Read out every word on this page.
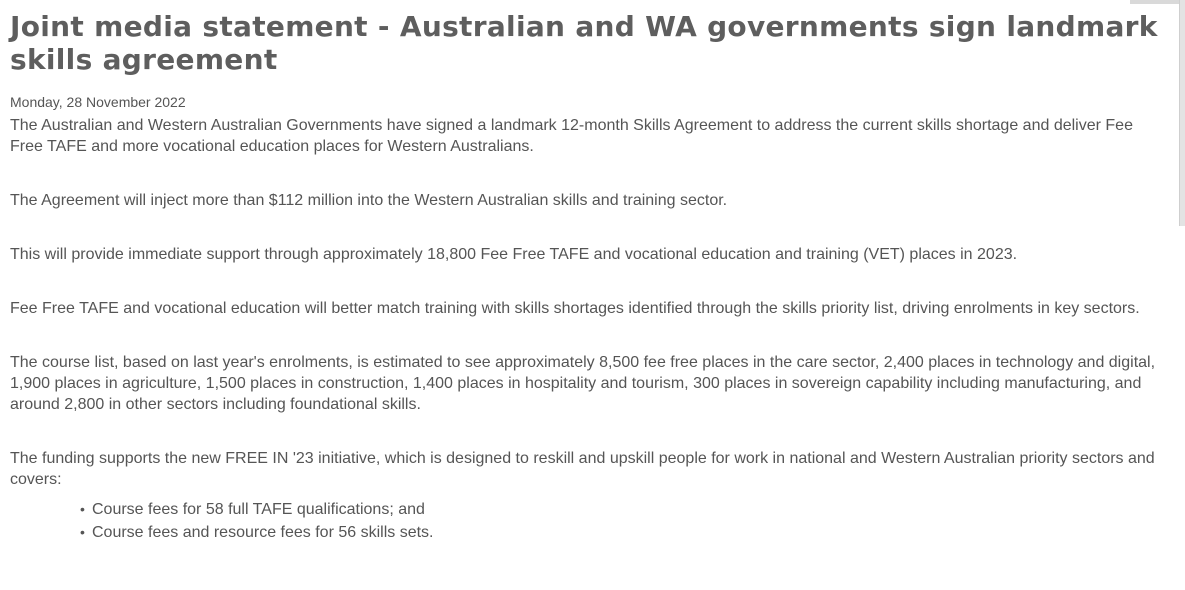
Joint media statement - Australian and WA governments sign landmark skills agreement
Monday, 28 November 2022

The Australian and Western Australian Governments have signed a landmark 12-month Skills Agreement to address the current skills shortage and deliver Fee Free TAFE and more vocational education places for Western Australians.

The Agreement will inject more than $112 million into the Western Australian skills and training sector.

This will provide immediate support through approximately 18,800 Fee Free TAFE and vocational education and training (VET) places in 2023.

Fee Free TAFE and vocational education will better match training with skills shortages identified through the skills priority list, driving enrolments in key sectors.

The course list, based on last year's enrolments, is estimated to see approximately 8,500 fee free places in the care sector, 2,400 places in technology and digital, 1,900 places in agriculture, 1,500 places in construction, 1,400 places in hospitality and tourism, 300 places in sovereign capability including manufacturing, and around 2,800 in other sectors including foundational skills.

The funding supports the new FREE IN '23 initiative, which is designed to reskill and upskill people for work in national and Western Australian priority sectors and covers:

• Course fees for 58 full TAFE qualifications; and
• Course fees and resource fees for 56 skills sets.
